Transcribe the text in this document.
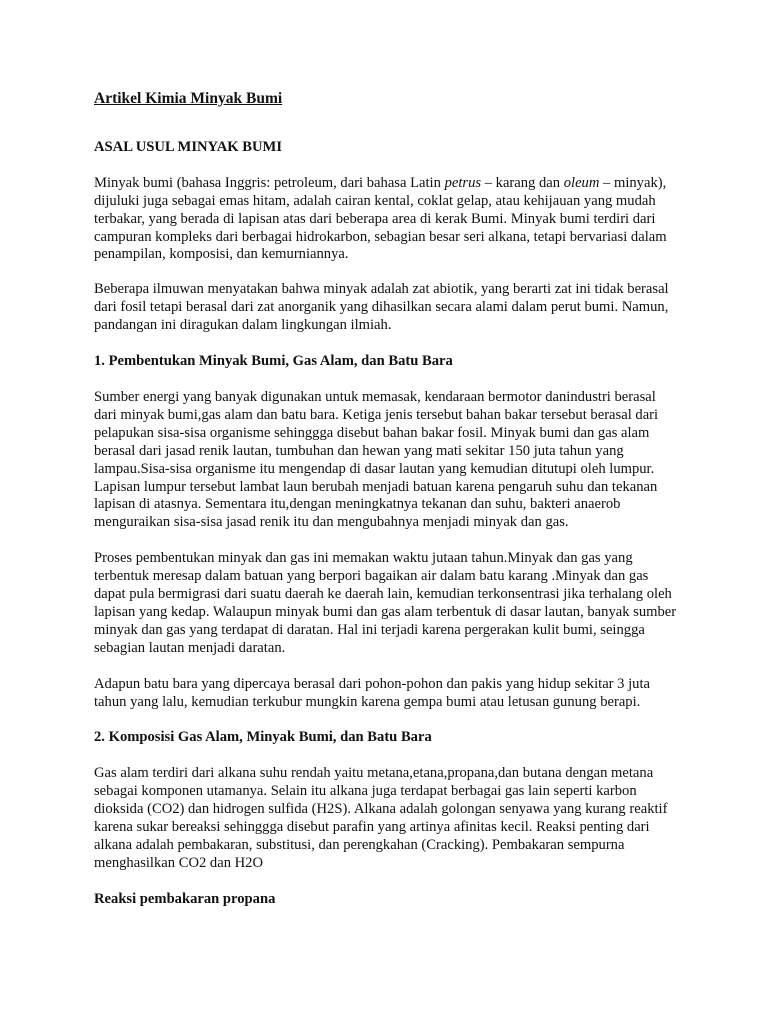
Artikel Kimia Minyak Bumi
ASAL USUL MINYAK BUMI
Minyak bumi (bahasa Inggris: petroleum, dari bahasa Latin petrus – karang dan oleum – minyak), dijuluki juga sebagai emas hitam, adalah cairan kental, coklat gelap, atau kehijauan yang mudah terbakar, yang berada di lapisan atas dari beberapa area di kerak Bumi. Minyak bumi terdiri dari campuran kompleks dari berbagai hidrokarbon, sebagian besar seri alkana, tetapi bervariasi dalam penampilan, komposisi, dan kemurniannya.
Beberapa ilmuwan menyatakan bahwa minyak adalah zat abiotik, yang berarti zat ini tidak berasal dari fosil tetapi berasal dari zat anorganik yang dihasilkan secara alami dalam perut bumi. Namun, pandangan ini diragukan dalam lingkungan ilmiah.
1. Pembentukan Minyak Bumi, Gas Alam, dan Batu Bara
Sumber energi yang banyak digunakan untuk memasak, kendaraan bermotor danindustri berasal dari minyak bumi,gas alam dan batu bara. Ketiga jenis tersebut bahan bakar tersebut berasal dari pelapukan sisa-sisa organisme sehinggga disebut bahan bakar fosil. Minyak bumi dan gas alam berasal dari jasad renik lautan, tumbuhan dan hewan yang mati sekitar 150 juta tahun yang lampau.Sisa-sisa organisme itu mengendap di dasar lautan yang kemudian ditutupi oleh lumpur. Lapisan lumpur tersebut lambat laun berubah menjadi batuan karena pengaruh suhu dan tekanan lapisan di atasnya. Sementara itu,dengan meningkatnya tekanan dan suhu, bakteri anaerob menguraikan sisa-sisa jasad renik itu dan mengubahnya menjadi minyak dan gas.
Proses pembentukan minyak dan gas ini memakan waktu jutaan tahun.Minyak dan gas yang terbentuk meresap dalam batuan yang berpori bagaikan air dalam batu karang .Minyak dan gas dapat pula bermigrasi dari suatu daerah ke daerah lain, kemudian terkonsentrasi jika terhalang oleh lapisan yang kedap. Walaupun minyak bumi dan gas alam terbentuk di dasar lautan, banyak sumber minyak dan gas yang terdapat di daratan. Hal ini terjadi karena pergerakan kulit bumi, seingga sebagian lautan menjadi daratan.
Adapun batu bara yang dipercaya berasal dari pohon-pohon dan pakis yang hidup sekitar 3 juta tahun yang lalu, kemudian terkubur mungkin karena gempa bumi atau letusan gunung berapi.
2. Komposisi Gas Alam, Minyak Bumi, dan Batu Bara
Gas alam terdiri dari alkana suhu rendah yaitu metana,etana,propana,dan butana dengan metana sebagai komponen utamanya. Selain itu alkana juga terdapat berbagai gas lain seperti karbon dioksida (CO2) dan hidrogen sulfida (H2S). Alkana adalah golongan senyawa yang kurang reaktif karena sukar bereaksi sehinggga disebut parafin yang artinya afinitas kecil. Reaksi penting dari alkana adalah pembakaran, substitusi, dan perengkahan (Cracking). Pembakaran sempurna menghasilkan CO2 dan H2O
Reaksi pembakaran propana
